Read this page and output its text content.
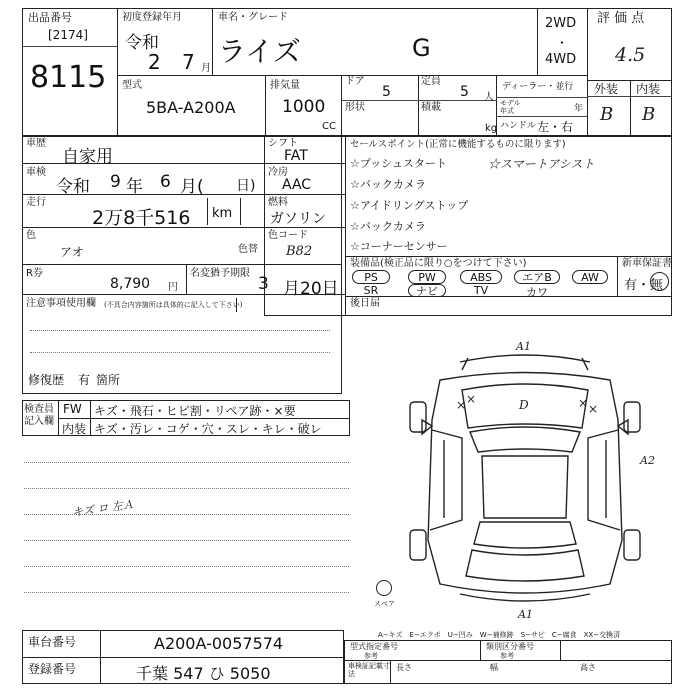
出品番号
[2174]
8115
初度登録年月
令和
2 7 月
車名・グレード
ライズ	G
2WD
・
4WD
評 価 点
4.5
型式
5BA-A200A
排気量
1000
CC
ドア
5
定員
5 人
形状	積載
kg
ディーラー・並行
モデル年式	年
ハンドル 左・右
外装 内装
B B
車歴
自家用
車検
令和 9 年 6 月( 日)
走行
2万8千516 km
色
アオ	色替
R券
8,790 円
名変猶予期限
3 月20日
注意事項使用欄 (不具合内容箇所は具体的に記入して下さい)
修復歴 有 箇所
検査員記入欄
FW キズ・飛石・ヒビ割・リペア跡・×要
内装 キズ・汚レ・コゲ・穴・スレ・キレ・破レ
キズ ロ 左Ａ
シフト
FAT
冷房
AAC
燃料
ガソリン
色コード
B82
セールスポイント(正常に機能するものに限ります)
☆プッシュスタート
☆バックカメラ
☆アイドリングストップ
☆バックカメラ
☆コーナーセンサー
☆スマートアシスト
装備品(検正品に限り○をつけて下さい)
PS	PW	ABS	エアB	AW
SR	ナビ	TV	カワ
新車保証書
有・無
後日届
スペア
A1
× ×	D	× ×
A2
A1
A−キズ　E−エクボ　U−凹み　W−補修跡　S−サビ　C−腐食　XX−交換済
車台番号	A200A-0057574
登録番号	千葉 547 ひ 5050
型式指定番号
参考
類別区分番号
参考
車検証記載寸法
長さ	幅	高さ
